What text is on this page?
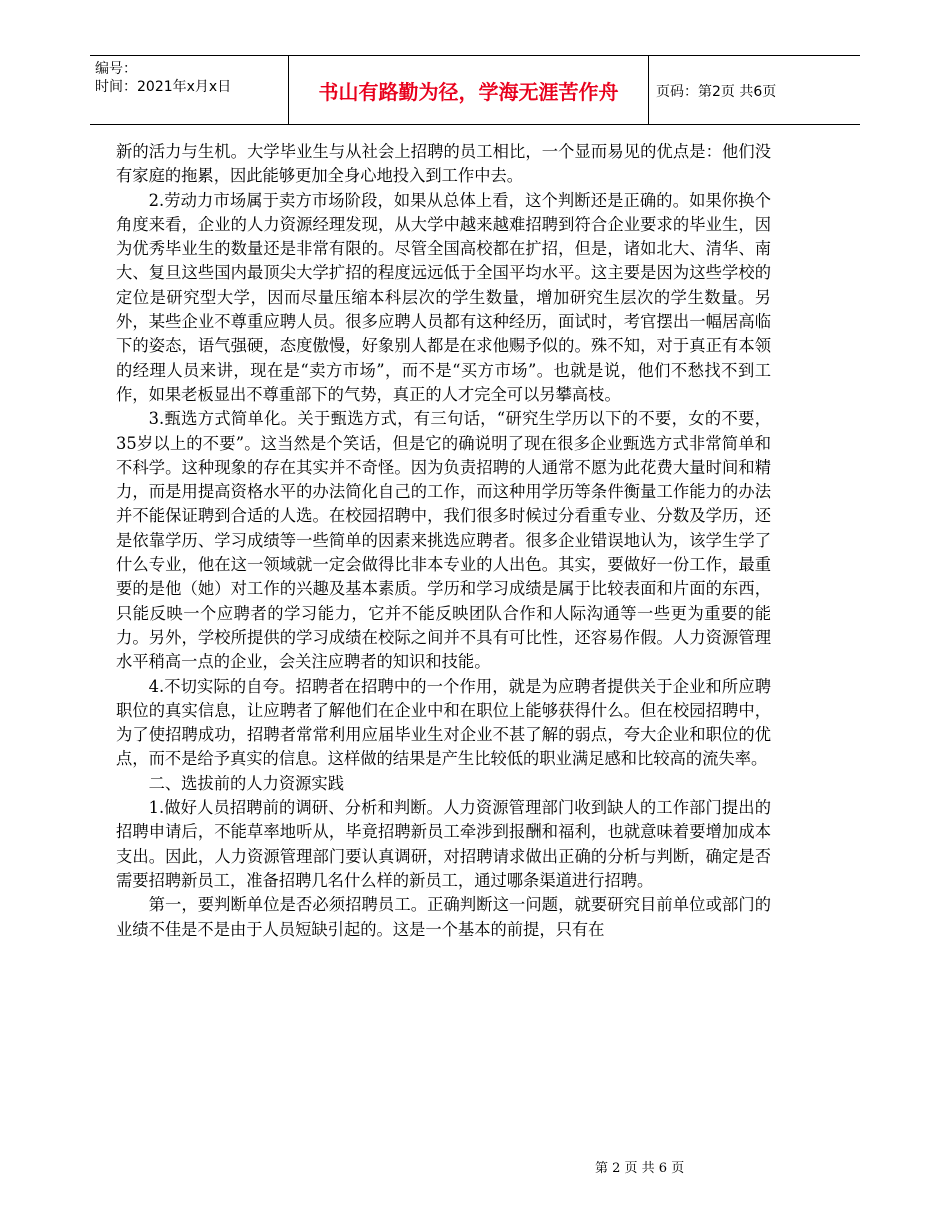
编号：
时间：2021年x月x日	书山有路勤为径，学海无涯苦作舟	页码：第2页 共6页

新的活力与生机。大学毕业生与从社会上招聘的员工相比，一个显而易见的优点是：他们没有家庭的拖累，因此能够更加全身心地投入到工作中去。

2.劳动力市场属于卖方市场阶段，如果从总体上看，这个判断还是正确的。如果你换个角度来看，企业的人力资源经理发现，从大学中越来越难招聘到符合企业要求的毕业生，因为优秀毕业生的数量还是非常有限的。尽管全国高校都在扩招，但是，诸如北大、清华、南大、复旦这些国内最顶尖大学扩招的程度远远低于全国平均水平。这主要是因为这些学校的定位是研究型大学，因而尽量压缩本科层次的学生数量，增加研究生层次的学生数量。另外，某些企业不尊重应聘人员。很多应聘人员都有这种经历，面试时，考官摆出一幅居高临下的姿态，语气强硬，态度傲慢，好象别人都是在求他赐予似的。殊不知，对于真正有本领的经理人员来讲，现在是“卖方市场”，而不是“买方市场”。也就是说，他们不愁找不到工作，如果老板显出不尊重部下的气势，真正的人才完全可以另攀高枝。

3.甄选方式简单化。关于甄选方式，有三句话，“研究生学历以下的不要，女的不要，35岁以上的不要”。这当然是个笑话，但是它的确说明了现在很多企业甄选方式非常简单和不科学。这种现象的存在其实并不奇怪。因为负责招聘的人通常不愿为此花费大量时间和精力，而是用提高资格水平的办法简化自己的工作，而这种用学历等条件衡量工作能力的办法并不能保证聘到合适的人选。在校园招聘中，我们很多时候过分看重专业、分数及学历，还是依靠学历、学习成绩等一些简单的因素来挑选应聘者。很多企业错误地认为，该学生学了什么专业，他在这一领域就一定会做得比非本专业的人出色。其实，要做好一份工作，最重要的是他（她）对工作的兴趣及基本素质。学历和学习成绩是属于比较表面和片面的东西，只能反映一个应聘者的学习能力，它并不能反映团队合作和人际沟通等一些更为重要的能力。另外，学校所提供的学习成绩在校际之间并不具有可比性，还容易作假。人力资源管理水平稍高一点的企业，会关注应聘者的知识和技能。

4.不切实际的自夸。招聘者在招聘中的一个作用，就是为应聘者提供关于企业和所应聘职位的真实信息，让应聘者了解他们在企业中和在职位上能够获得什么。但在校园招聘中，为了使招聘成功，招聘者常常利用应届毕业生对企业不甚了解的弱点，夸大企业和职位的优点，而不是给予真实的信息。这样做的结果是产生比较低的职业满足感和比较高的流失率。

二、选拔前的人力资源实践

1.做好人员招聘前的调研、分析和判断。人力资源管理部门收到缺人的工作部门提出的招聘申请后，不能草率地听从，毕竟招聘新员工牵涉到报酬和福利，也就意味着要增加成本支出。因此，人力资源管理部门要认真调研，对招聘请求做出正确的分析与判断，确定是否需要招聘新员工，准备招聘几名什么样的新员工，通过哪条渠道进行招聘。

第一，要判断单位是否必须招聘员工。正确判断这一问题，就要研究目前单位或部门的业绩不佳是不是由于人员短缺引起的。这是一个基本的前提，只有在

第 2 页 共 6 页
